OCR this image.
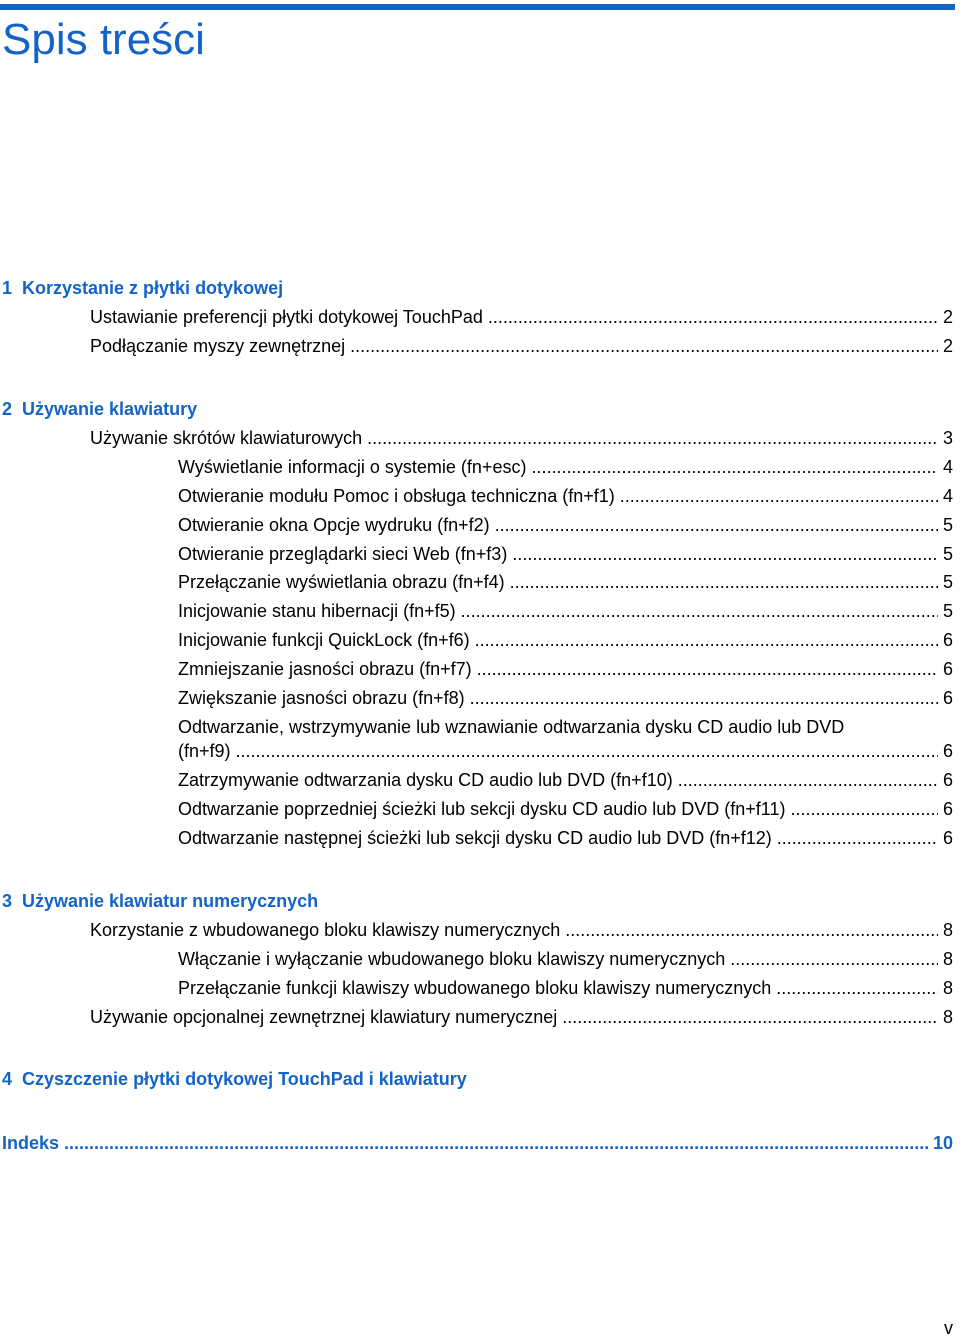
Spis treści
1 Korzystanie z płytki dotykowej
Ustawianie preferencji płytki dotykowej TouchPad .....	2
Podłączanie myszy zewnętrznej .....	2
2 Używanie klawiatury
Używanie skrótów klawiaturowych .....	3
Wyświetlanie informacji o systemie (fn+esc) .....	4
Otwieranie modułu Pomoc i obsługa techniczna (fn+f1) .....	4
Otwieranie okna Opcje wydruku (fn+f2) .....	5
Otwieranie przeglądarki sieci Web (fn+f3) .....	5
Przełączanie wyświetlania obrazu (fn+f4) .....	5
Inicjowanie stanu hibernacji (fn+f5) .....	5
Inicjowanie funkcji QuickLock (fn+f6) .....	6
Zmniejszanie jasności obrazu (fn+f7) .....	6
Zwiększanie jasności obrazu (fn+f8) .....	6
Odtwarzanie, wstrzymywanie lub wznawianie odtwarzania dysku CD audio lub DVD
(fn+f9) .....	6
Zatrzymywanie odtwarzania dysku CD audio lub DVD (fn+f10) .....	6
Odtwarzanie poprzedniej ścieżki lub sekcji dysku CD audio lub DVD (fn+f11) .....	6
Odtwarzanie następnej ścieżki lub sekcji dysku CD audio lub DVD (fn+f12) .....	6
3 Używanie klawiatur numerycznych
Korzystanie z wbudowanego bloku klawiszy numerycznych .....	8
Włączanie i wyłączanie wbudowanego bloku klawiszy numerycznych .....	8
Przełączanie funkcji klawiszy wbudowanego bloku klawiszy numerycznych .....	8
Używanie opcjonalnej zewnętrznej klawiatury numerycznej .....	8
4 Czyszczenie płytki dotykowej TouchPad i klawiatury
Indeks .....	10
v
